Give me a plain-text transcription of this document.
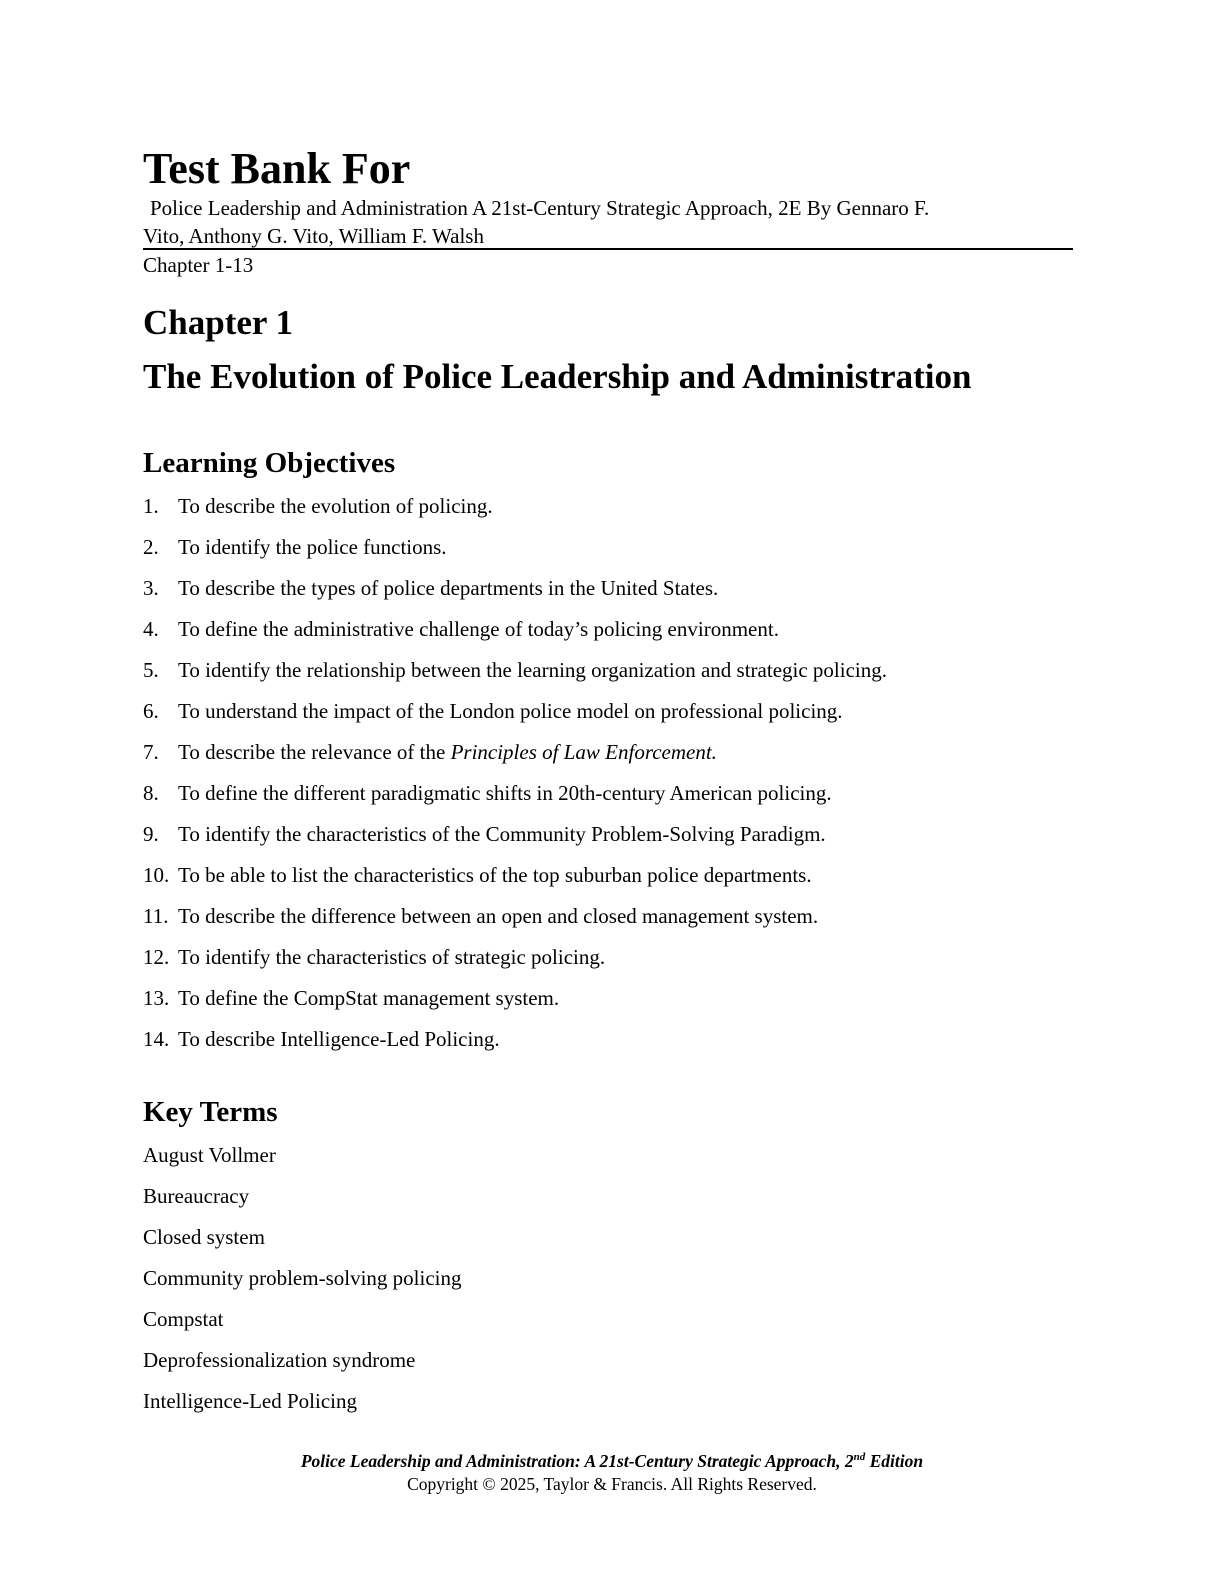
Test Bank For
Police Leadership and Administration A 21st-Century Strategic Approach, 2E By Gennaro F.
Vito, Anthony G. Vito, William F. Walsh
Chapter 1-13
Chapter 1
The Evolution of Police Leadership and Administration
Learning Objectives
1. To describe the evolution of policing.
2. To identify the police functions.
3. To describe the types of police departments in the United States.
4. To define the administrative challenge of today’s policing environment.
5. To identify the relationship between the learning organization and strategic policing.
6. To understand the impact of the London police model on professional policing.
7. To describe the relevance of the Principles of Law Enforcement.
8. To define the different paradigmatic shifts in 20th-century American policing.
9. To identify the characteristics of the Community Problem-Solving Paradigm.
10. To be able to list the characteristics of the top suburban police departments.
11. To describe the difference between an open and closed management system.
12. To identify the characteristics of strategic policing.
13. To define the CompStat management system.
14. To describe Intelligence-Led Policing.
Key Terms
August Vollmer
Bureaucracy
Closed system
Community problem-solving policing
Compstat
Deprofessionalization syndrome
Intelligence-Led Policing
Police Leadership and Administration: A 21st-Century Strategic Approach, 2nd Edition
Copyright © 2025, Taylor & Francis. All Rights Reserved.
